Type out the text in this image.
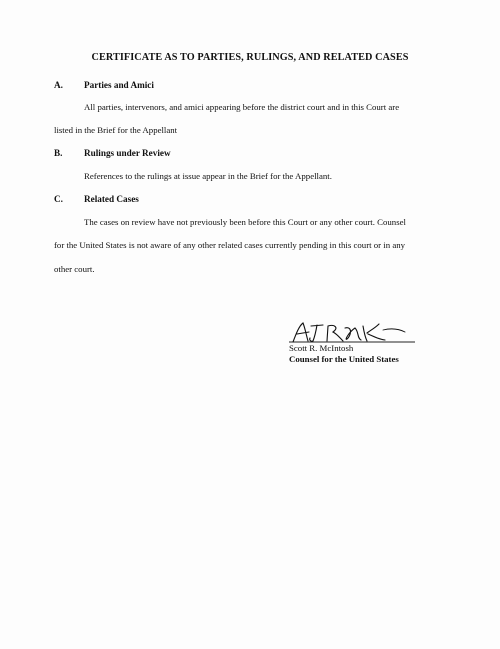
CERTIFICATE AS TO PARTIES, RULINGS, AND RELATED CASES
A. Parties and Amici
All parties, intervenors, and amici appearing before the district court and in this Court are
listed in the Brief for the Appellant
B. Rulings under Review
References to the rulings at issue appear in the Brief for the Appellant.
C. Related Cases
The cases on review have not previously been before this Court or any other court. Counsel
for the United States is not aware of any other related cases currently pending in this court or in any
other court.
Scott R. McIntosh
Counsel for the United States
